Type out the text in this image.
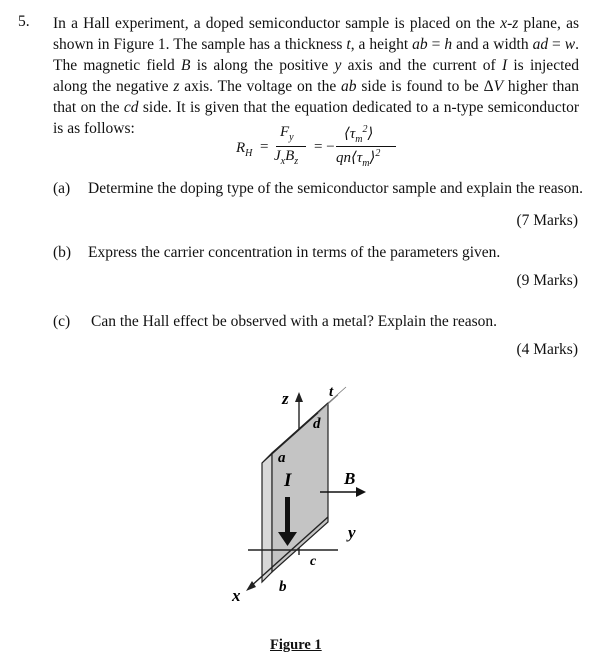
5. In a Hall experiment, a doped semiconductor sample is placed on the x-z plane, as shown in Figure 1. The sample has a thickness t, a height ab = h and a width ad = w. The magnetic field B is along the positive y axis and the current of I is injected along the negative z axis. The voltage on the ab side is found to be ΔV higher than that on the cd side. It is given that the equation dedicated to a n-type semiconductor is as follows:
$R_H$ =
$F_y$
$J_xB_z$
= −
$⟨\tau_m^2⟩$
$qn⟨\tau_m⟩^2$
(a) Determine the doping type of the semiconductor sample and explain the reason.
(7 Marks)
(b) Express the carrier concentration in terms of the parameters given.
(9 Marks)
(c) Can the Hall effect be observed with a metal? Explain the reason.
(4 Marks)
z	t
d
a
I	B
y
c
b
x
Figure 1
